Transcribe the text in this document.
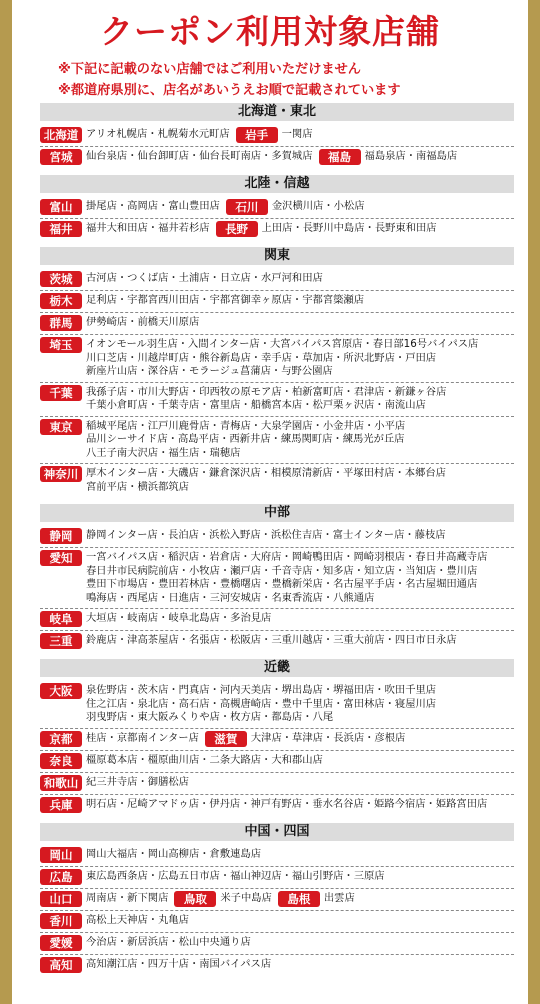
クーポン利用対象店舗
※下記に記載のない店舗ではご利用いただけません
※都道府県別に、店名があいうえお順で記載されています
北海道・東北
北海道 アリオ札幌店・札幌菊水元町店	岩手	一関店
宮城	仙台泉店・仙台卸町店・仙台長町南店・多賀城店	福島	福島泉店・南福島店
北陸・信越
富山	掛尾店・高岡店・富山豊田店	石川	金沢横川店・小松店
福井	福井大和田店・福井若杉店	長野	上田店・長野川中島店・長野東和田店
関東
茨城	古河店・つくば店・土浦店・日立店・水戸河和田店
栃木	足利店・宇都宮西川田店・宇都宮御幸ヶ原店・宇都宮簗瀬店
群馬	伊勢崎店・前橋天川原店
埼玉	イオンモール羽生店・入間インター店・大宮バイパス宮原店・春日部16号バイパス店
川口芝店・川越岸町店・熊谷新島店・幸手店・草加店・所沢北野店・戸田店
新座片山店・深谷店・モラージュ菖蒲店・与野公園店
千葉	我孫子店・市川大野店・印西牧の原モア店・柏新富町店・君津店・新鎌ヶ谷店
千葉小倉町店・千葉寺店・富里店・船橋宮本店・松戸栗ヶ沢店・南流山店
東京	稲城平尾店・江戸川鹿骨店・青梅店・大泉学園店・小金井店・小平店
品川シーサイド店・高島平店・西新井店・練馬関町店・練馬光が丘店
八王子南大沢店・福生店・瑞穂店
神奈川 厚木インター店・大磯店・鎌倉深沢店・相模原清新店・平塚田村店・本郷台店
宮前平店・横浜都筑店
中部
静岡	静岡インター店・長泊店・浜松入野店・浜松住吉店・富士インター店・藤枝店
愛知	一宮バイパス店・稲沢店・岩倉店・大府店・岡崎鴨田店・岡崎羽根店・春日井高蔵寺店
春日井市民病院前店・小牧店・瀬戸店・千音寺店・知多店・知立店・当知店・豊川店
豊田下市場店・豊田若林店・豊橋曙店・豊橋新栄店・名古屋平手店・名古屋堀田通店
鳴海店・西尾店・日進店・三河安城店・名東香流店・八熊通店
岐阜	大垣店・岐南店・岐阜北島店・多治見店
三重	鈴鹿店・津高茶屋店・名張店・松阪店・三重川越店・三重大前店・四日市日永店
近畿
大阪	泉佐野店・茨木店・門真店・河内天美店・堺出島店・堺福田店・吹田千里店
住之江店・泉北店・高石店・高槻唐崎店・豊中千里店・富田林店・寝屋川店
羽曳野店・東大阪みくりや店・枚方店・都島店・八尾
京都	桂店・京都南インター店	滋賀	大津店・草津店・長浜店・彦根店
奈良	橿原葛本店・橿原曲川店・二条大路店・大和郡山店
和歌山 紀三井寺店・御膳松店
兵庫	明石店・尼崎アマドゥ店・伊丹店・神戸有野店・垂水名谷店・姫路今宿店・姫路宮田店
中国・四国
岡山	岡山大福店・岡山高柳店・倉敷連島店
広島	東広島西条店・広島五日市店・福山神辺店・福山引野店・三原店
山口	周南店・新下関店	鳥取	米子中島店	島根	出雲店
香川	高松上天神店・丸亀店
愛媛	今治店・新居浜店・松山中央通り店
高知	高知潮江店・四万十店・南国バイパス店
